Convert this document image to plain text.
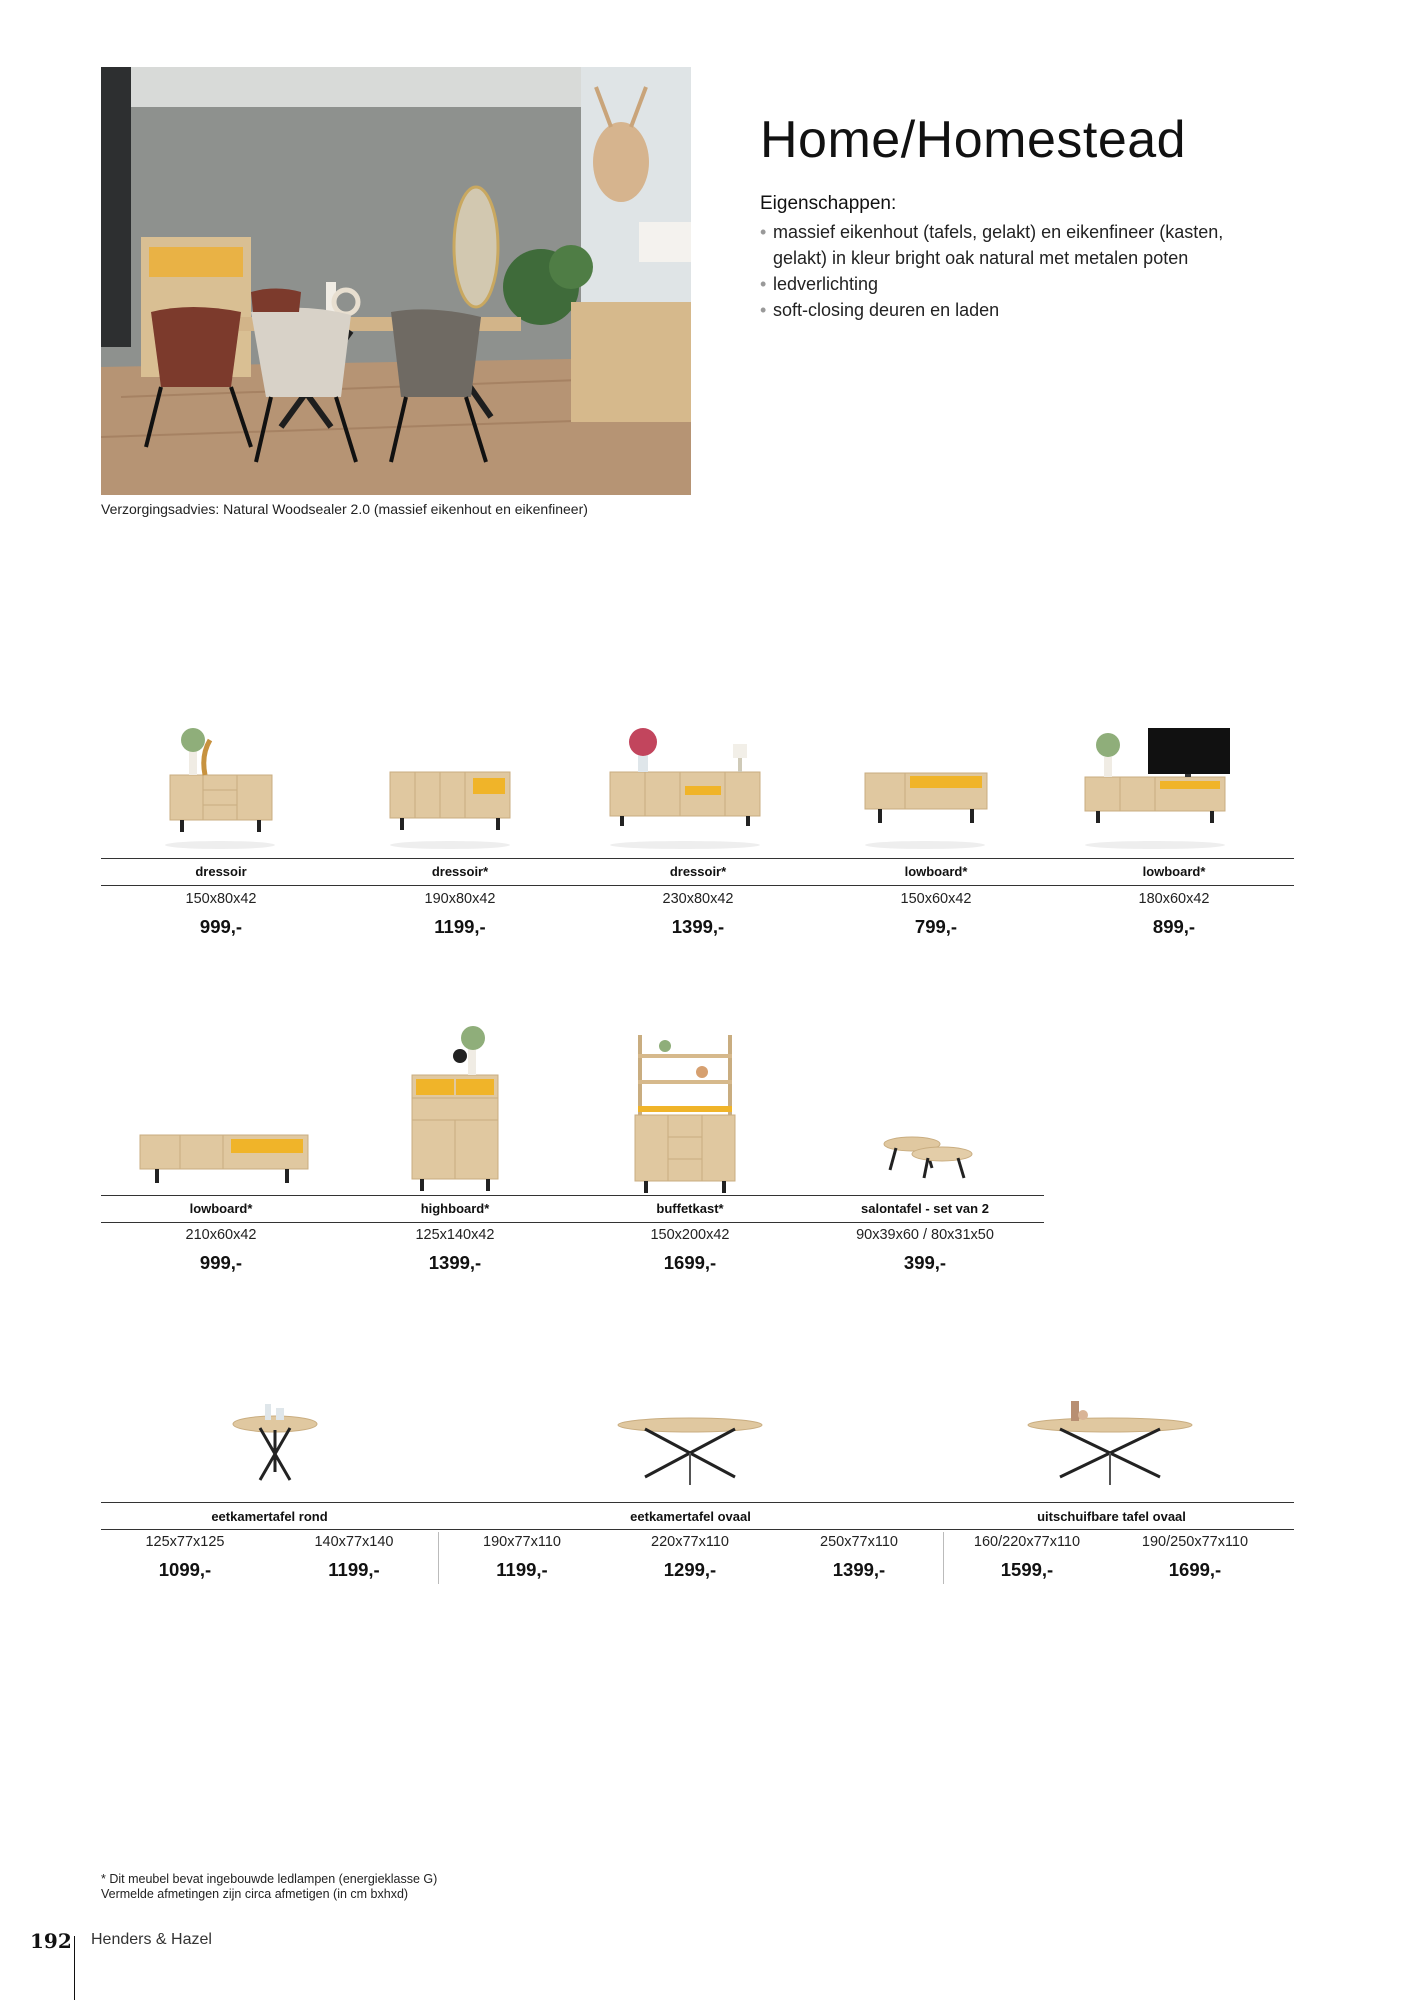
Verzorgingsadvies: Natural Woodsealer 2.0 (massief eikenhout en eikenfineer)
Home/Homestead
Eigenschappen:
• massief eikenhout (tafels, gelakt) en eikenfineer (kasten, gelakt) in kleur bright oak natural met metalen poten
• ledverlichting
• soft-closing deuren en laden
dressoir
150x80x42
999,-
dressoir*
190x80x42
1199,-
dressoir*
230x80x42
1399,-
lowboard*
150x60x42
799,-
lowboard*
180x60x42
899,-
lowboard*
210x60x42
999,-
highboard*
125x140x42
1399,-
buffetkast*
150x200x42
1699,-
salontafel - set van 2
90x39x60 / 80x31x50
399,-
eetkamertafel rond	eetkamertafel ovaal	uitschuifbare tafel ovaal
125x77x125
1099,-
140x77x140
1199,-
190x77x110
1199,-
220x77x110
1299,-
250x77x110
1399,-
160/220x77x110
1599,-
190/250x77x110
1699,-
* Dit meubel bevat ingebouwde ledlampen (energieklasse G)
Vermelde afmetingen zijn circa afmetigen (in cm bxhxd)
192 Henders & Hazel
